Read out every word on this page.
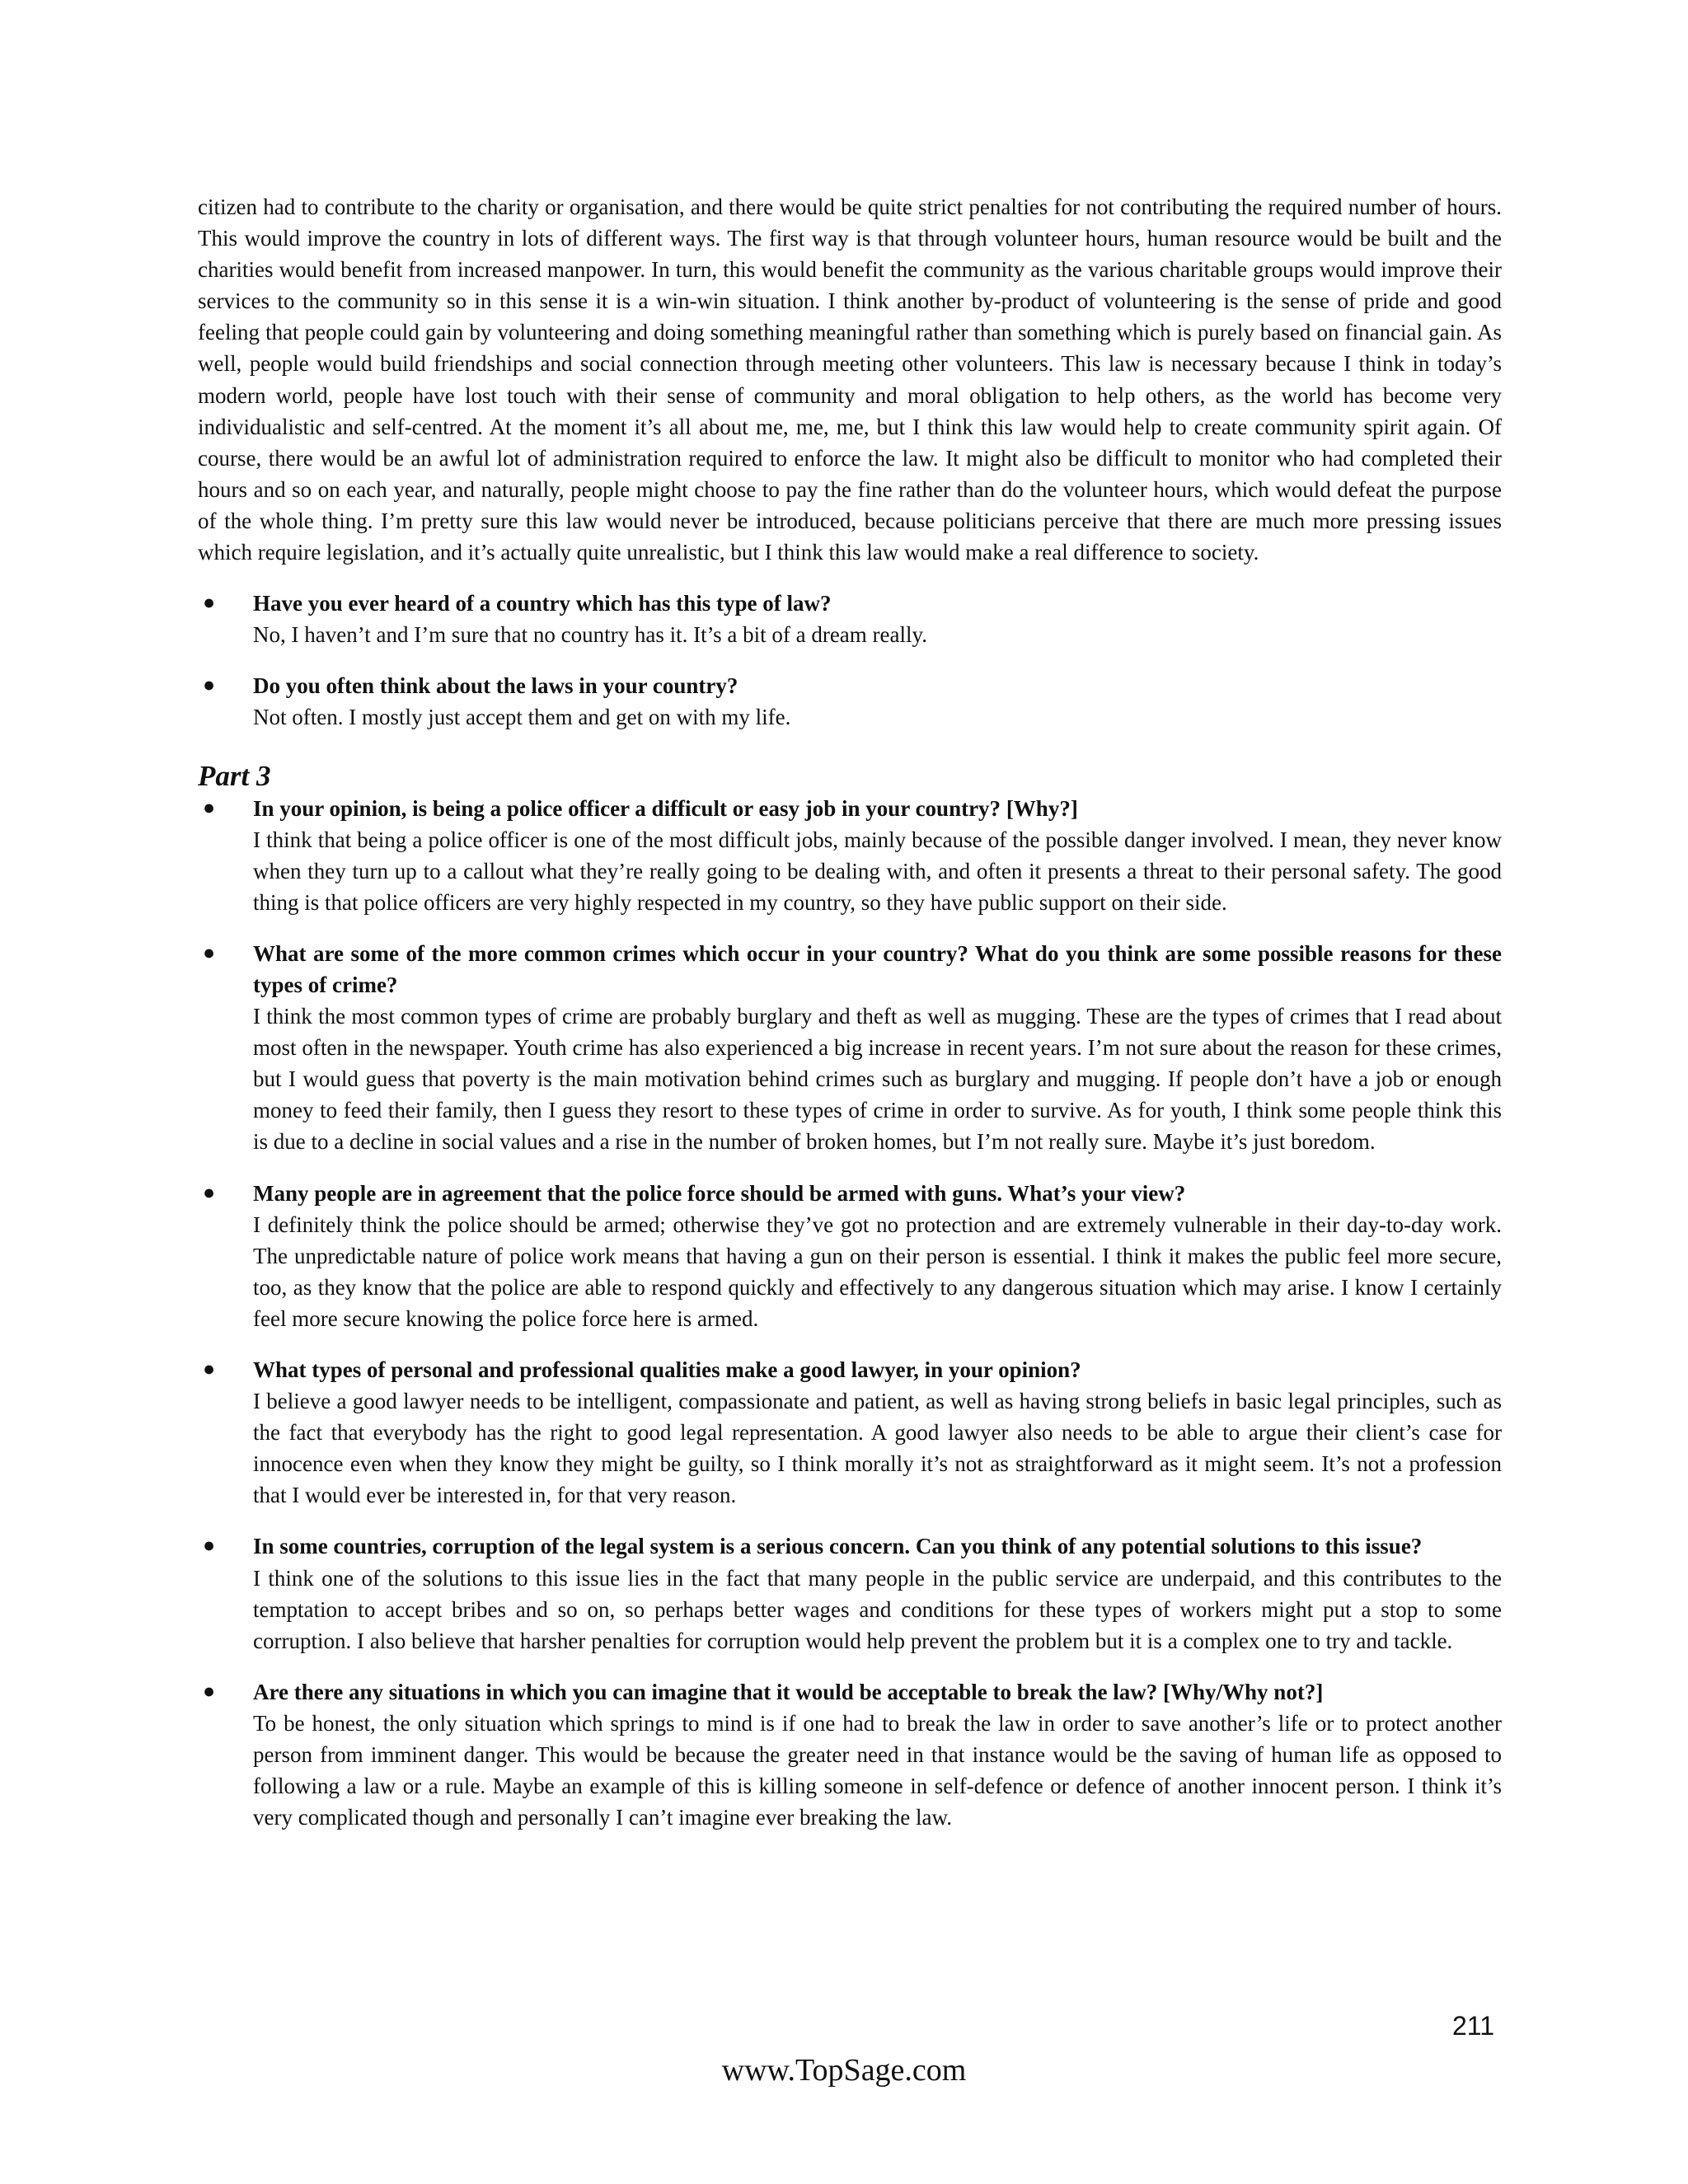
citizen had to contribute to the charity or organisation, and there would be quite strict penalties for not contributing the required number of hours. This would improve the country in lots of different ways. The first way is that through volunteer hours, human resource would be built and the charities would benefit from increased manpower. In turn, this would benefit the community as the various charitable groups would improve their services to the community so in this sense it is a win-win situation. I think another by-product of volunteering is the sense of pride and good feeling that people could gain by volunteering and doing something meaningful rather than something which is purely based on financial gain. As well, people would build friendships and social connection through meeting other volunteers. This law is necessary because I think in today’s modern world, people have lost touch with their sense of community and moral obligation to help others, as the world has become very individualistic and self-centred. At the moment it’s all about me, me, me, but I think this law would help to create community spirit again. Of course, there would be an awful lot of administration required to enforce the law. It might also be difficult to monitor who had completed their hours and so on each year, and naturally, people might choose to pay the fine rather than do the volunteer hours, which would defeat the purpose of the whole thing. I’m pretty sure this law would never be introduced, because politicians perceive that there are much more pressing issues which require legislation, and it’s actually quite unrealistic, but I think this law would make a real difference to society.

● Have you ever heard of a country which has this type of law?
No, I haven’t and I’m sure that no country has it. It’s a bit of a dream really.
● Do you often think about the laws in your country?
Not often. I mostly just accept them and get on with my life.
Part 3
● In your opinion, is being a police officer a difficult or easy job in your country? [Why?]
I think that being a police officer is one of the most difficult jobs, mainly because of the possible danger involved. I mean, they never know when they turn up to a callout what they’re really going to be dealing with, and often it presents a threat to their personal safety. The good thing is that police officers are very highly respected in my country, so they have public support on their side.
● What are some of the more common crimes which occur in your country? What do you think are some possible reasons for these types of crime?
I think the most common types of crime are probably burglary and theft as well as mugging. These are the types of crimes that I read about most often in the newspaper. Youth crime has also experienced a big increase in recent years. I’m not sure about the reason for these crimes, but I would guess that poverty is the main motivation behind crimes such as burglary and mugging. If people don’t have a job or enough money to feed their family, then I guess they resort to these types of crime in order to survive. As for youth, I think some people think this is due to a decline in social values and a rise in the number of broken homes, but I’m not really sure. Maybe it’s just boredom.
● Many people are in agreement that the police force should be armed with guns. What’s your view?
I definitely think the police should be armed; otherwise they’ve got no protection and are extremely vulnerable in their day-to-day work. The unpredictable nature of police work means that having a gun on their person is essential. I think it makes the public feel more secure, too, as they know that the police are able to respond quickly and effectively to any dangerous situation which may arise. I know I certainly feel more secure knowing the police force here is armed.
● What types of personal and professional qualities make a good lawyer, in your opinion?
I believe a good lawyer needs to be intelligent, compassionate and patient, as well as having strong beliefs in basic legal principles, such as the fact that everybody has the right to good legal representation. A good lawyer also needs to be able to argue their client’s case for innocence even when they know they might be guilty, so I think morally it’s not as straightforward as it might seem. It’s not a profession that I would ever be interested in, for that very reason.
● In some countries, corruption of the legal system is a serious concern. Can you think of any potential solutions to this issue?
I think one of the solutions to this issue lies in the fact that many people in the public service are underpaid, and this contributes to the temptation to accept bribes and so on, so perhaps better wages and conditions for these types of workers might put a stop to some corruption. I also believe that harsher penalties for corruption would help prevent the problem but it is a complex one to try and tackle.
● Are there any situations in which you can imagine that it would be acceptable to break the law? [Why/Why not?]
To be honest, the only situation which springs to mind is if one had to break the law in order to save another’s life or to protect another person from imminent danger. This would be because the greater need in that instance would be the saving of human life as opposed to following a law or a rule. Maybe an example of this is killing someone in self-defence or defence of another innocent person. I think it’s very complicated though and personally I can’t imagine ever breaking the law.
211
www.TopSage.com
